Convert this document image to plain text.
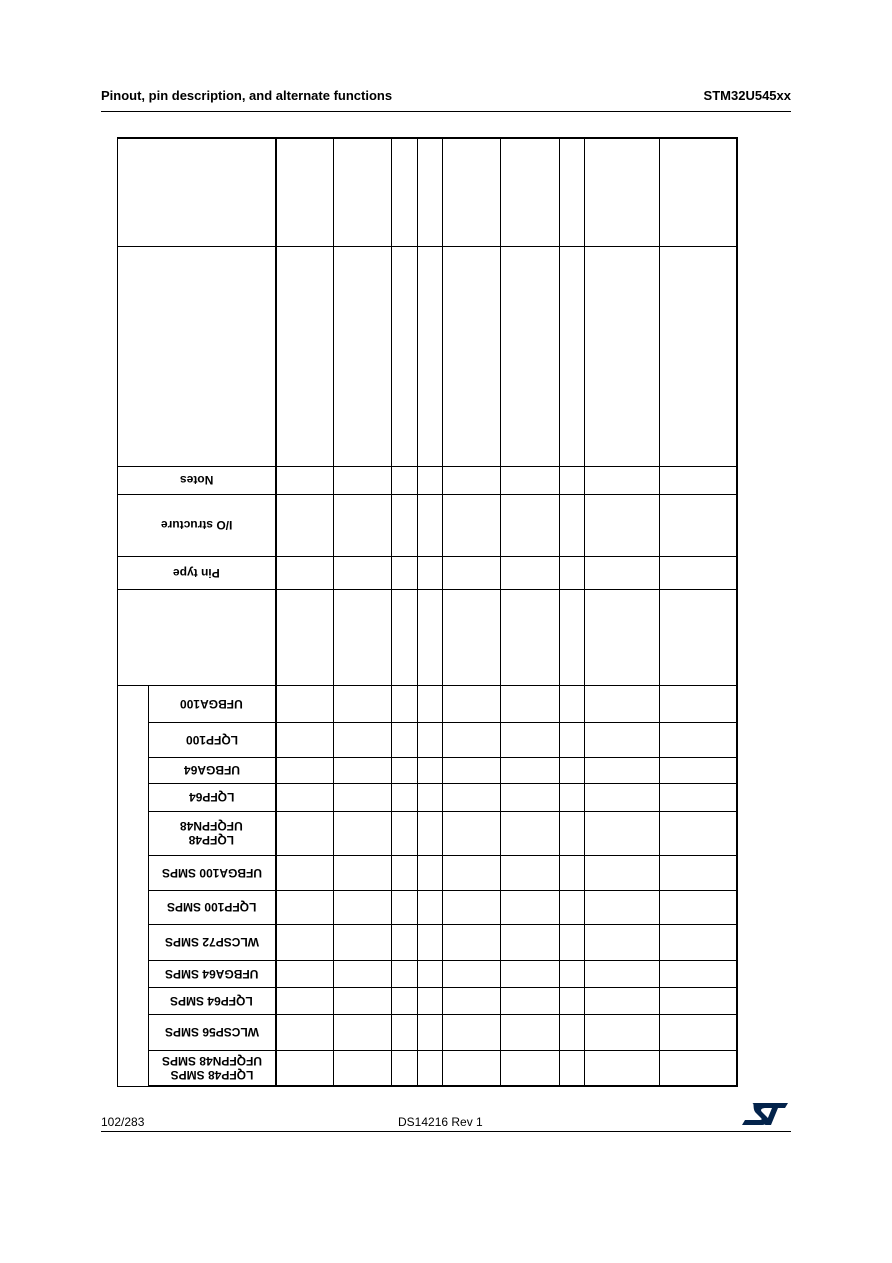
Pinout, pin description, and alternate functions	STM32U545xx

Notes										
I/O structure										
Pin type										

	UFBGA100									
	LQFP100									
	UFBGA64									
	LQFP64									
	LQFP48
UFQFPN48									
	UFBGA100 SMPS									
	LQFP100 SMPS									
	WLCSP72 SMPS									
	UFBGA64 SMPS									
	LQFP64 SMPS									
	WLCSP56 SMPS									
	LQFP48 SMPS
UFQFPN48 SMPS									
102/283	DS14216 Rev 1
